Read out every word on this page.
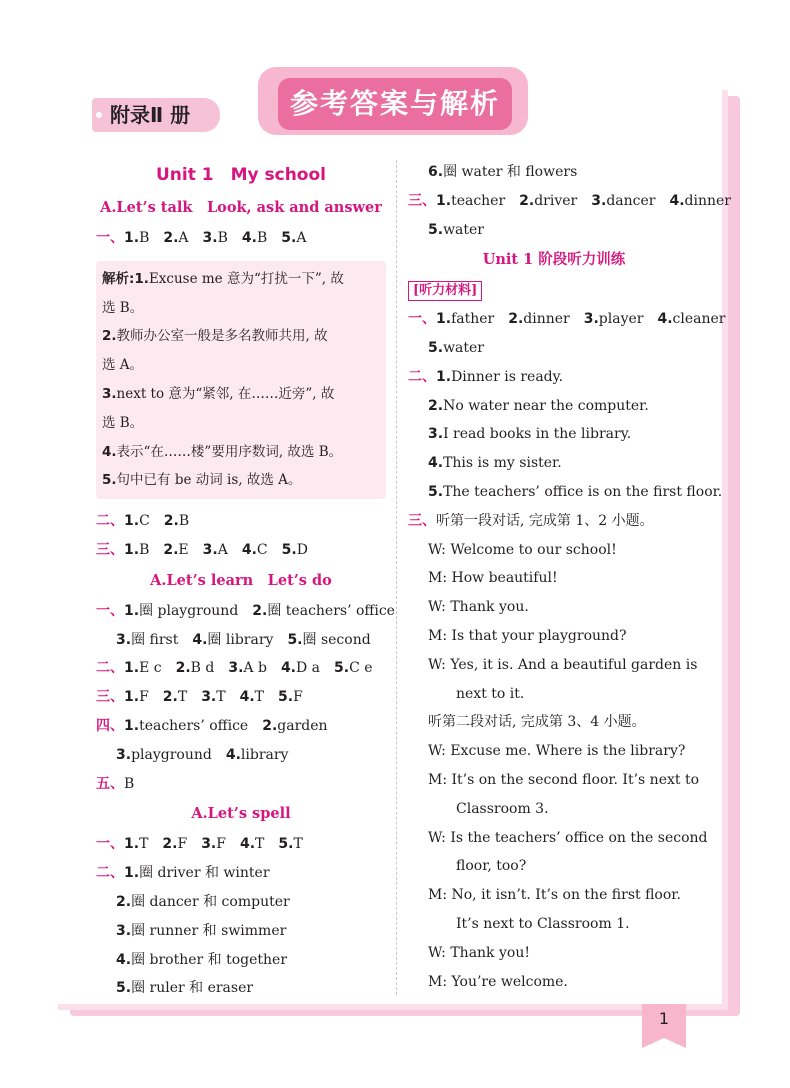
参考答案与解析
附录Ⅱ 册
Unit 1　My school
A.Let’s talk　Look, ask and answer
一、1.B　2.A　3.B　4.B　5.A
解析:1.Excuse me 意为“打扰一下”, 故
选 B。
2.教师办公室一般是多名教师共用, 故
选 A。
3.next to 意为“紧邻, 在……近旁”, 故
选 B。
4.表示“在……楼”要用序数词, 故选 B。
5.句中已有 be 动词 is, 故选 A。
二、1.C　2.B
三、1.B　2.E　3.A　4.C　5.D
A.Let’s learn　Let’s do
一、1.圈 playground　2.圈 teachers’ office
3.圈 first　4.圈 library　5.圈 second
二、1.E c　2.B d　3.A b　4.D a　5.C e
三、1.F　2.T　3.T　4.T　5.F
四、1.teachers’ office　2.garden
3.playground　4.library
五、B
A.Let’s spell
一、1.T　2.F　3.F　4.T　5.T
二、1.圈 driver 和 winter
2.圈 dancer 和 computer
3.圈 runner 和 swimmer
4.圈 brother 和 together
5.圈 ruler 和 eraser
6.圈 water 和 flowers
三、1.teacher　2.driver　3.dancer　4.dinner
5.water
Unit 1 阶段听力训练
[听力材料]
一、1.father　2.dinner　3.player　4.cleaner
5.water
二、1.Dinner is ready.
2.No water near the computer.
3.I read books in the library.
4.This is my sister.
5.The teachers’ office is on the first floor.
三、听第一段对话, 完成第 1、2 小题。
W: Welcome to our school!
M: How beautiful!
W: Thank you.
M: Is that your playground?
W: Yes, it is. And a beautiful garden is
next to it.
听第二段对话, 完成第 3、4 小题。
W: Excuse me. Where is the library?
M: It’s on the second floor. It’s next to
Classroom 3.
W: Is the teachers’ office on the second
floor, too?
M: No, it isn’t. It’s on the first floor.
It’s next to Classroom 1.
W: Thank you!
M: You’re welcome.
1
